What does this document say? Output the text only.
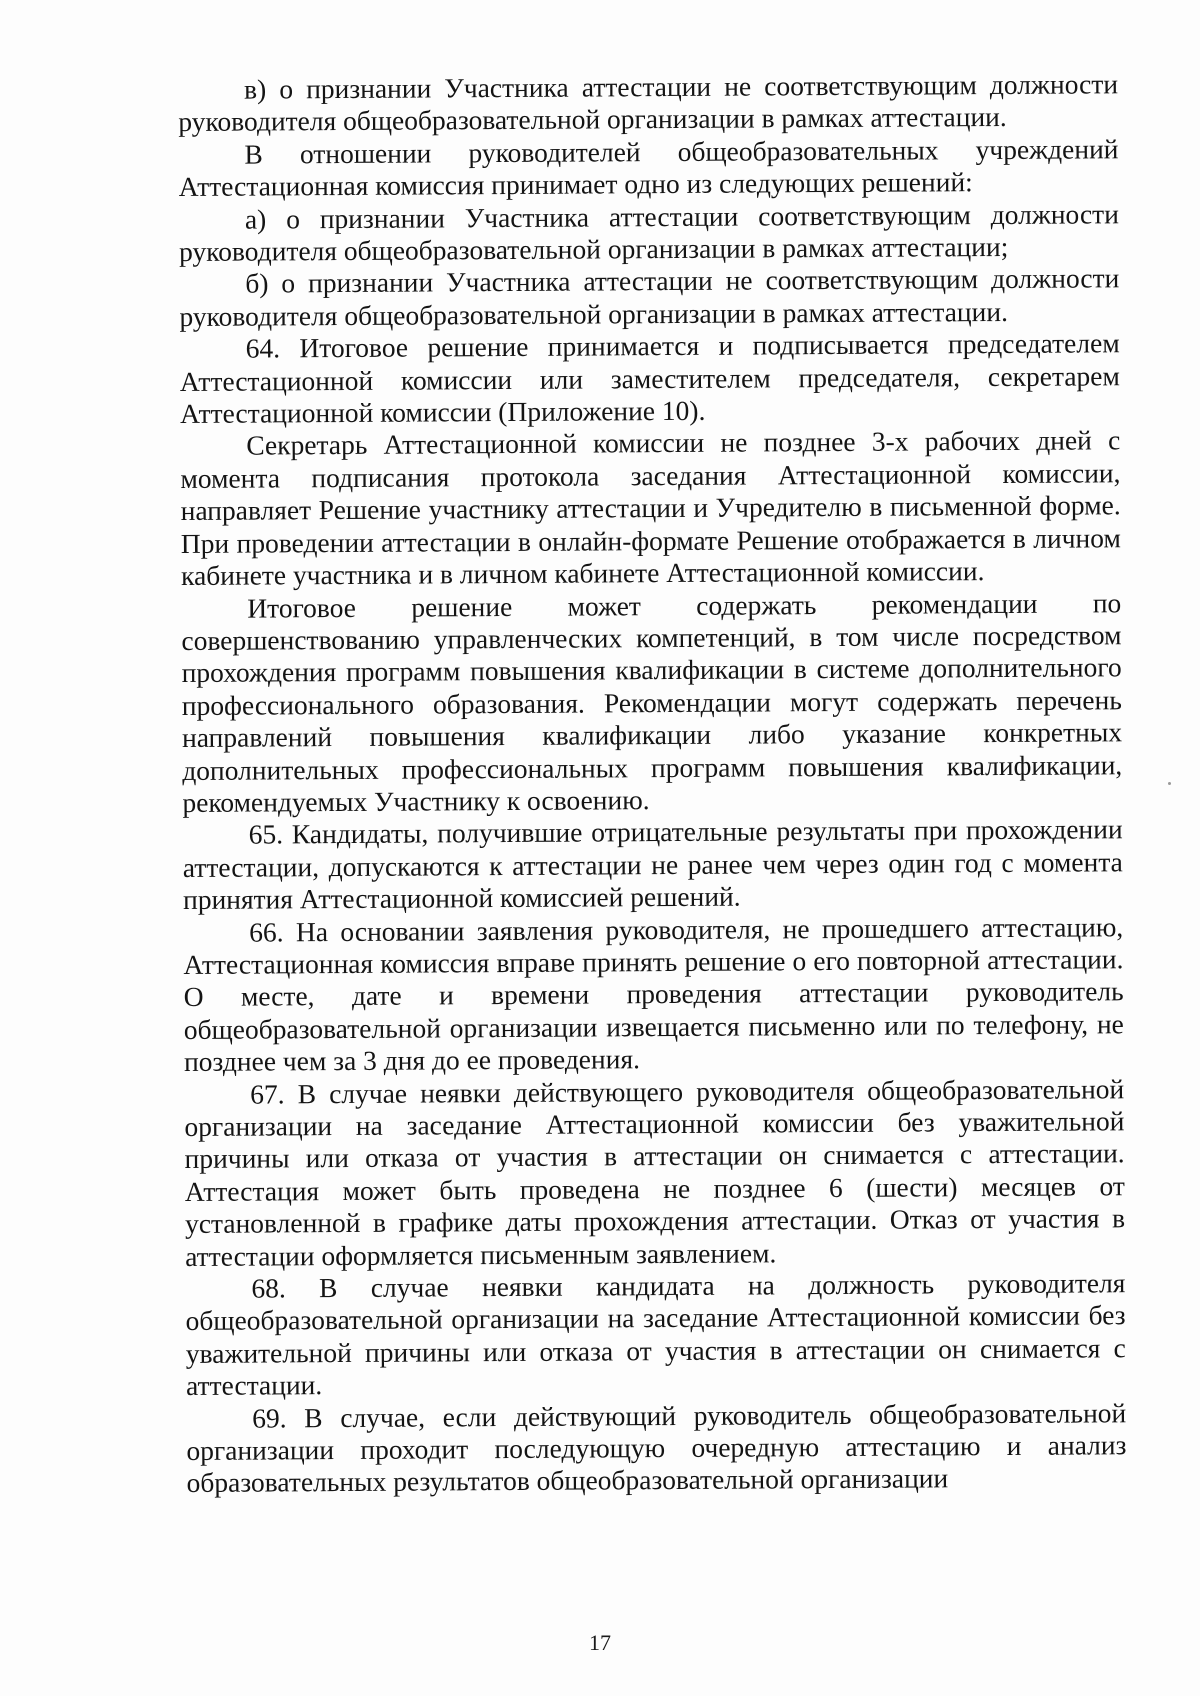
в) о признании Участника аттестации не соответствующим должности руководителя общеобразовательной организации в рамках аттестации.

В отношении руководителей общеобразовательных учреждений Аттестационная комиссия принимает одно из следующих решений:

а) о признании Участника аттестации соответствующим должности руководителя общеобразовательной организации в рамках аттестации;

б) о признании Участника аттестации не соответствующим должности руководителя общеобразовательной организации в рамках аттестации.

64. Итоговое решение принимается и подписывается председателем Аттестационной комиссии или заместителем председателя, секретарем Аттестационной комиссии (Приложение 10).

Секретарь Аттестационной комиссии не позднее 3-х рабочих дней с момента подписания протокола заседания Аттестационной комиссии, направляет Решение участнику аттестации и Учредителю в письменной форме. При проведении аттестации в онлайн-формате Решение отображается в личном кабинете участника и в личном кабинете Аттестационной комиссии.

Итоговое решение может содержать рекомендации по совершенствованию управленческих компетенций, в том числе посредством прохождения программ повышения квалификации в системе дополнительного профессионального образования. Рекомендации могут содержать перечень направлений повышения квалификации либо указание конкретных дополнительных профессиональных программ повышения квалификации, рекомендуемых Участнику к освоению.

65. Кандидаты, получившие отрицательные результаты при прохождении аттестации, допускаются к аттестации не ранее чем через один год с момента принятия Аттестационной комиссией решений.

66. На основании заявления руководителя, не прошедшего аттестацию, Аттестационная комиссия вправе принять решение о его повторной аттестации. О месте, дате и времени проведения аттестации руководитель общеобразовательной организации извещается письменно или по телефону, не позднее чем за 3 дня до ее проведения.

67. В случае неявки действующего руководителя общеобразовательной организации на заседание Аттестационной комиссии без уважительной причины или отказа от участия в аттестации он снимается с аттестации. Аттестация может быть проведена не позднее 6 (шести) месяцев от установленной в графике даты прохождения аттестации. Отказ от участия в аттестации оформляется письменным заявлением.

68. В случае неявки кандидата на должность руководителя общеобразовательной организации на заседание Аттестационной комиссии без уважительной причины или отказа от участия в аттестации он снимается с аттестации.

69. В случае, если действующий руководитель общеобразовательной организации проходит последующую очередную аттестацию и анализ образовательных результатов общеобразовательной организации

17
